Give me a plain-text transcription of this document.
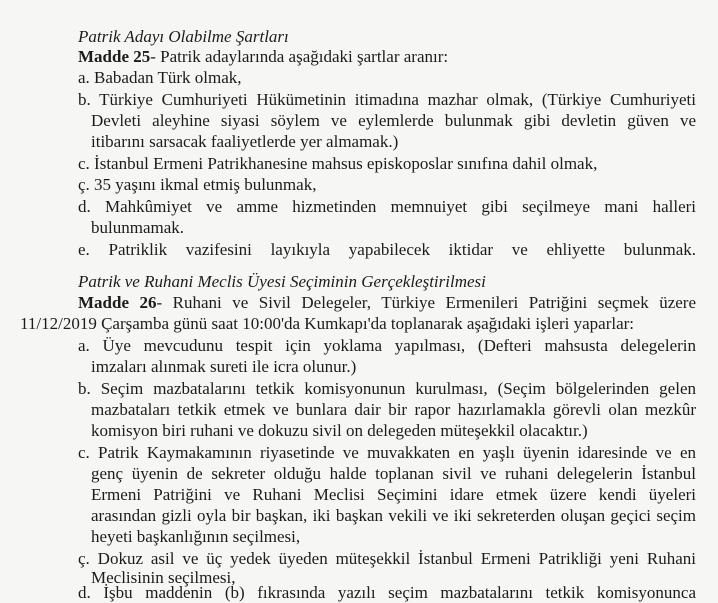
Patrik Adayı Olabilme Şartları
Madde 25- Patrik adaylarında aşağıdaki şartlar aranır:
a. Babadan Türk olmak,
b. Türkiye Cumhuriyeti Hükümetinin itimadına mazhar olmak, (Türkiye Cumhuriyeti
Devleti aleyhine siyasi söylem ve eylemlerde bulunmak gibi devletin güven ve
itibarını sarsacak faaliyetlerde yer almamak.)
c. İstanbul Ermeni Patrikhanesine mahsus episkoposlar sınıfına dahil olmak,
ç. 35 yaşını ikmal etmiş bulunmak,
d. Mahkûmiyet ve amme hizmetinden memnuiyet gibi seçilmeye mani halleri
bulunmamak.
e. Patriklik vazifesini layıkıyla yapabilecek iktidar ve ehliyette bulunmak.
Patrik ve Ruhani Meclis Üyesi Seçiminin Gerçekleştirilmesi
Madde 26- Ruhani ve Sivil Delegeler, Türkiye Ermenileri Patriğini seçmek üzere
11/12/2019 Çarşamba günü saat 10:00'da Kumkapı'da toplanarak aşağıdaki işleri yaparlar:
a. Üye mevcudunu tespit için yoklama yapılması, (Defteri mahsusta delegelerin
imzaları alınmak sureti ile icra olunur.)
b. Seçim mazbatalarını tetkik komisyonunun kurulması, (Seçim bölgelerinden gelen
mazbataları tetkik etmek ve bunlara dair bir rapor hazırlamakla görevli olan mezkûr
komisyon biri ruhani ve dokuzu sivil on delegeden müteşekkil olacaktır.)
c. Patrik Kaymakamının riyasetinde ve muvakkaten en yaşlı üyenin idaresinde ve en
genç üyenin de sekreter olduğu halde toplanan sivil ve ruhani delegelerin İstanbul
Ermeni Patriğini ve Ruhani Meclisi Seçimini idare etmek üzere kendi üyeleri
arasından gizli oyla bir başkan, iki başkan vekili ve iki sekreterden oluşan geçici seçim
heyeti başkanlığının seçilmesi,
ç. Dokuz asil ve üç yedek üyeden müteşekkil İstanbul Ermeni Patrikliği yeni Ruhani
Meclisinin seçilmesi,
d. İşbu maddenin (b) fıkrasında yazılı seçim mazbatalarını tetkik komisyonunca
